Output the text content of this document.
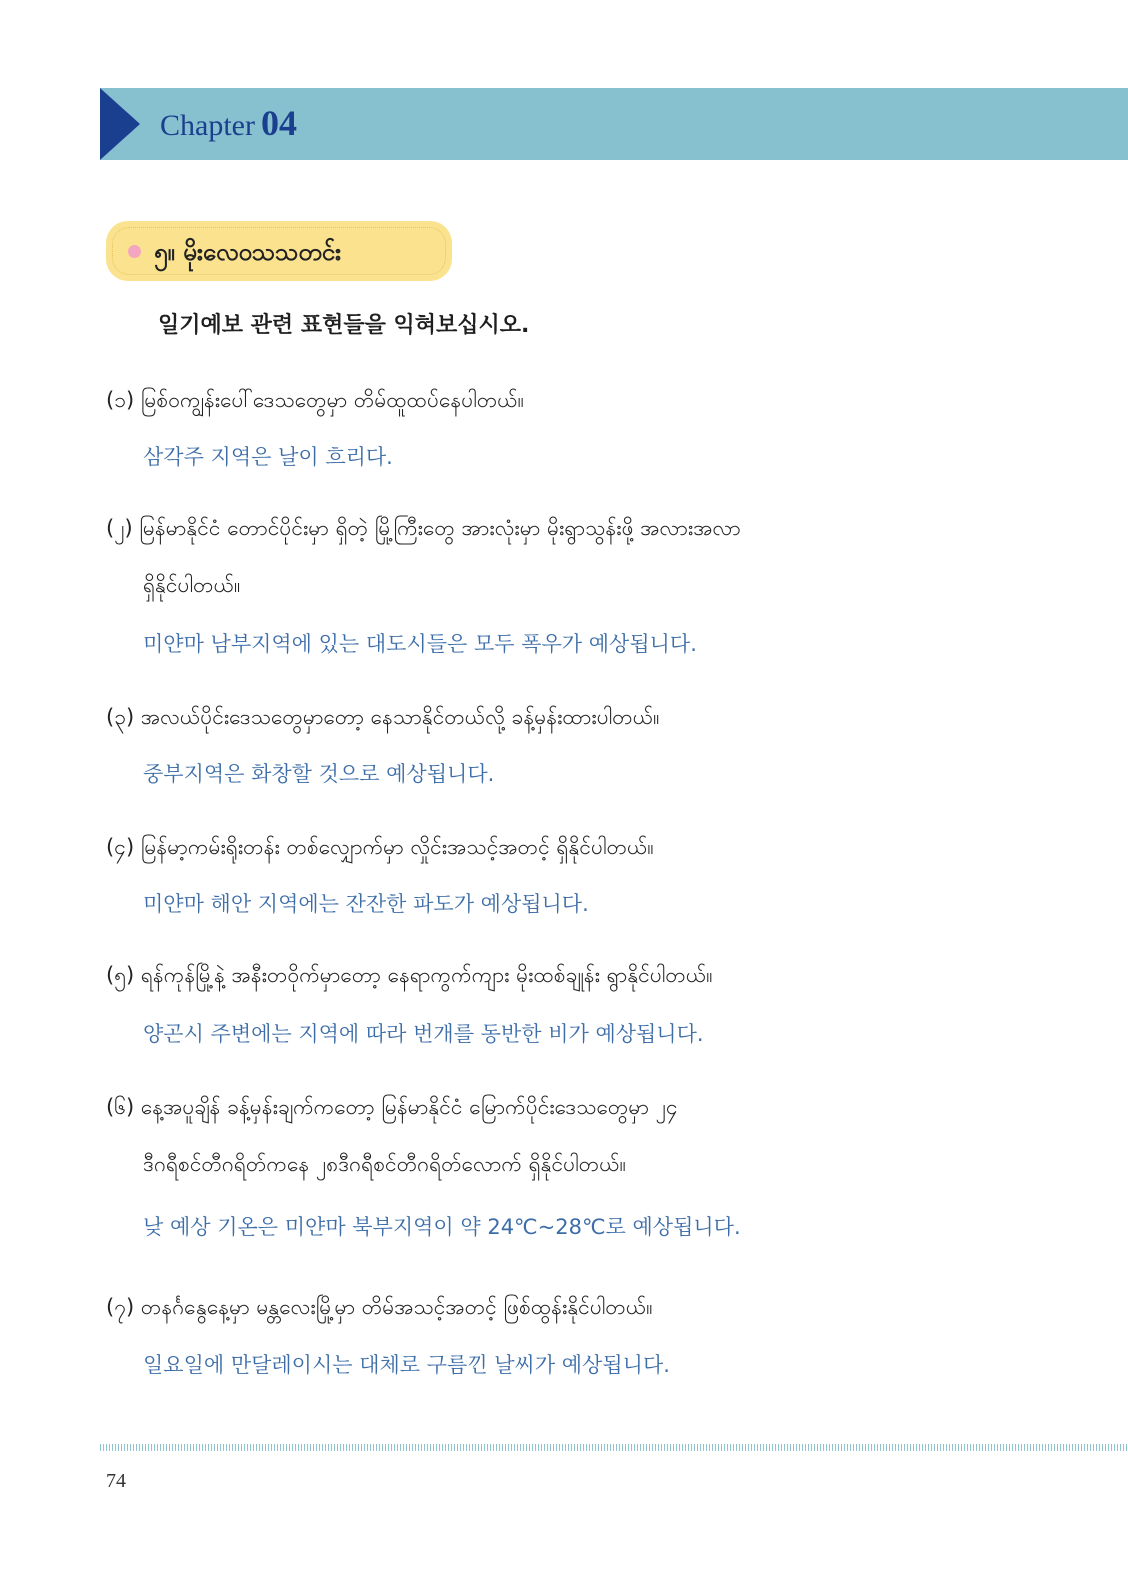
Chapter 04
၅။ မိုးလေဝသသတင်း
일기예보 관련 표현들을 익혀보십시오.
(၁) မြစ်ဝကျွန်းပေါ်ဒေသတွေမှာ တိမ်ထူထပ်နေပါတယ်။
삼각주 지역은 날이 흐리다.
(၂) မြန်မာနိုင်ငံ တောင်ပိုင်းမှာ ရှိတဲ့ မြို့ကြီးတွေ အားလုံးမှာ မိုးရွာသွန်းဖို့ အလားအလာ
ရှိနိုင်ပါတယ်။
미얀마 남부지역에 있는 대도시들은 모두 폭우가 예상됩니다.
(၃) အလယ်ပိုင်းဒေသတွေမှာတော့ နေသာနိုင်တယ်လို့ ခန့်မှန်းထားပါတယ်။
중부지역은 화창할 것으로 예상됩니다.
(၄) မြန်မာ့ကမ်းရိုးတန်း တစ်လျှောက်မှာ လှိုင်းအသင့်အတင့် ရှိနိုင်ပါတယ်။
미얀마 해안 지역에는 잔잔한 파도가 예상됩니다.
(၅) ရန်ကုန်မြို့နဲ့ အနီးတဝိုက်မှာတော့ နေရာကွက်ကျား မိုးထစ်ချုန်း ရွာနိုင်ပါတယ်။
양곤시 주변에는 지역에 따라 번개를 동반한 비가 예상됩니다.
(၆) နေ့အပူချိန် ခန့်မှန်းချက်ကတော့ မြန်မာနိုင်ငံ မြောက်ပိုင်းဒေသတွေမှာ ၂၄
ဒီဂရီစင်တီဂရိတ်ကနေ ၂၈ဒီဂရီစင်တီဂရိတ်လောက် ရှိနိုင်ပါတယ်။
낮 예상 기온은 미얀마 북부지역이 약 24℃~28℃로 예상됩니다.
(၇) တနင်္ဂနွေနေ့မှာ မန္တလေးမြို့မှာ တိမ်အသင့်အတင့် ဖြစ်ထွန်းနိုင်ပါတယ်။
일요일에 만달레이시는 대체로 구름낀 날씨가 예상됩니다.
74
